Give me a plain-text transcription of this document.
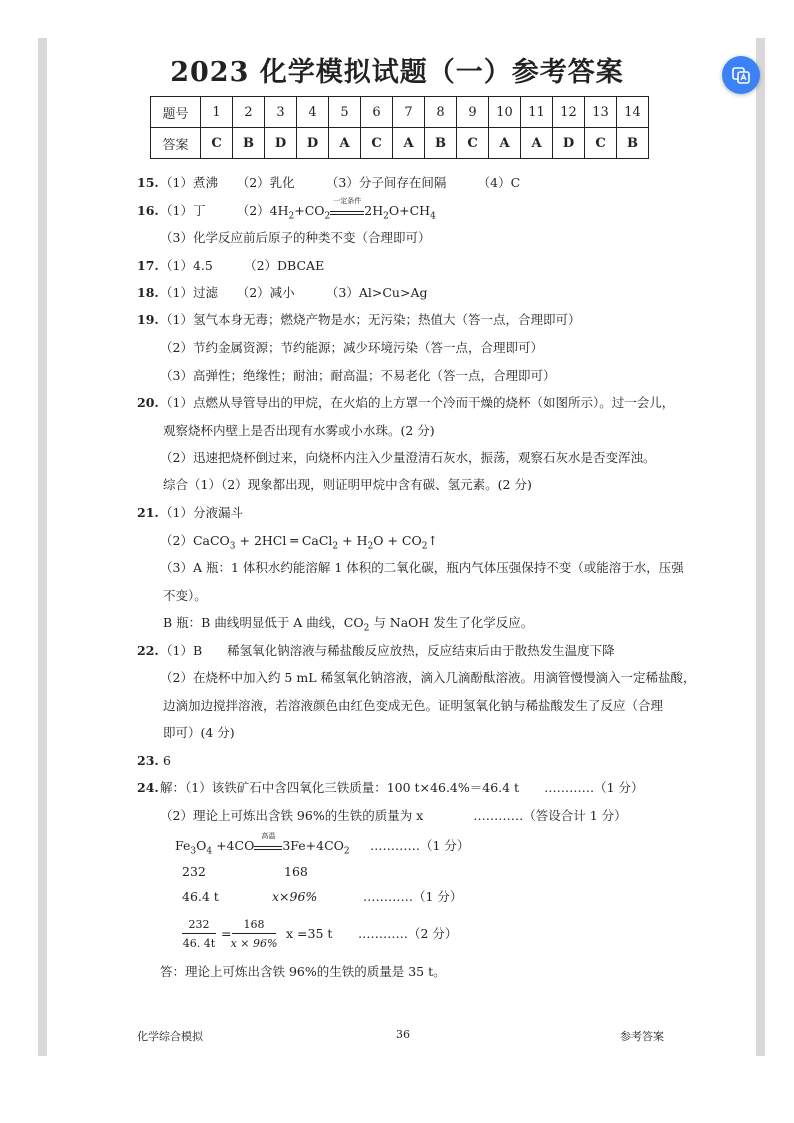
2023 化学模拟试题（一）参考答案
题号	1	2	3	4	5	6	7	8	9	10	11	12	13	14
答案	C	B	D	D	A	C	A	B	C	A	A	D	C	B
15. （1）煮沸　　（2）乳化　　　（3）分子间存在间隔　　　（4）C
16. （1）丁　　　$(2)4H_2+CO_2$
一定条件
$2H_2O+CH_4$
（3）化学反应前后原子的种类不变（合理即可）
17. （1）4.5　　　（2）DBCAE
18. （1）过滤　　（2）减小　　　（3）Al>Cu>Ag
19. （1）氢气本身无毒；燃烧产物是水；无污染；热值大（答一点，合理即可）
（2）节约金属资源；节约能源；减少环境污染（答一点，合理即可）
（3）高弹性；绝缘性；耐油；耐高温；不易老化（答一点，合理即可）
20. （1）点燃从导管导出的甲烷，在火焰的上方罩一个冷而干燥的烧杯（如图所示）。过一会儿，
观察烧杯内壁上是否出现有水雾或小水珠。(2 分)
（2）迅速把烧杯倒过来，向烧杯内注入少量澄清石灰水，振荡，观察石灰水是否变浑浊。
综合（1）（2）现象都出现，则证明甲烷中含有碳、氢元素。(2 分)
21. （1）分液漏斗
（2）CaCO$_3$ + 2HCl ═ CaCl$_2$ + $H_2O$ + $CO_2↑$
（3）A 瓶：1 体积水约能溶解 1 体积的二氧化碳，瓶内气体压强保持不变（或能溶于水，压强
不变）。
B 瓶：B 曲线明显低于 A 曲线，$CO_2$ 与 NaOH 发生了化学反应。
22. （1）B　　稀氢氧化钠溶液与稀盐酸反应放热，反应结束后由于散热发生温度下降
（2）在烧杯中加入约 5 mL 稀氢氧化钠溶液，滴入几滴酚酞溶液。用滴管慢慢滴入一定稀盐酸，
边滴加边搅拌溶液，若溶液颜色由红色变成无色。证明氢氧化钠与稀盐酸发生了反应（合理
即可）(4 分)
23. 6
24. 解：（1）该铁矿石中含四氧化三铁质量：100 t×46.4%＝46.4 t　　…………（1 分）
（2）理论上可炼出含铁 96%的生铁的质量为 x　　　　…………（答设合计 1 分）
$Fe_3O_4 +4CO$
高温
$3Fe+4CO_2$ …………（1 分）
232	168
46.4 t	x×96%	…………（1 分）
232
46. 4t
=
168
x × 96%
x =35 t …………（2 分）
答：理论上可炼出含铁 96%的生铁的质量是 35 t。
化学综合模拟	36	参考答案
